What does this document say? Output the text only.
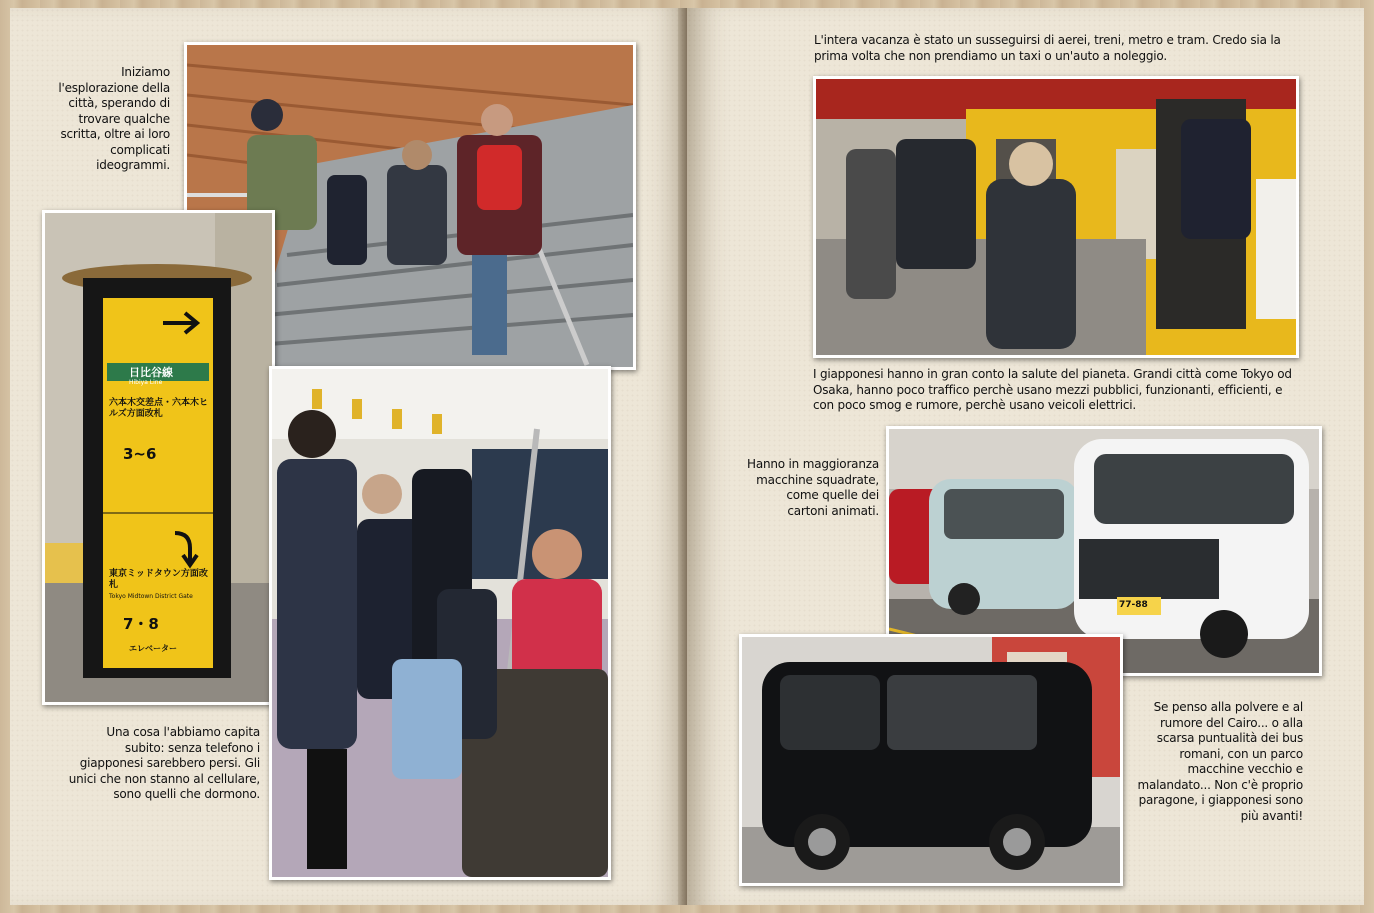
Iniziamo l'esplorazione della città, sperando di trovare qualche scritta, oltre ai loro complicati ideogrammi.
日比谷線
Hibiya Line
六本木交差点・六本木ヒルズ方面改札
3~6
東京ミッドタウン方面改札
Tokyo Midtown District Gate
7・8
エレベーター
Una cosa l'abbiamo capita subito: senza telefono i giapponesi sarebbero persi. Gli unici che non stanno al cellulare, sono quelli che dormono.
L'intera vacanza è stato un susseguirsi di aerei, treni, metro e tram. Credo sia la prima volta che non prendiamo un taxi o un'auto a noleggio.
I giapponesi hanno in gran conto la salute del pianeta. Grandi città come Tokyo od Osaka, hanno poco traffico perchè usano mezzi pubblici, funzionanti, efficienti, e con poco smog e rumore, perchè usano veicoli elettrici.
Hanno in maggioranza macchine squadrate, come quelle dei cartoni animati.
77-88
Se penso alla polvere e al rumore del Cairo... o alla scarsa puntualità dei bus romani, con un parco macchine vecchio e malandato... Non c'è proprio paragone, i giapponesi sono più avanti!
